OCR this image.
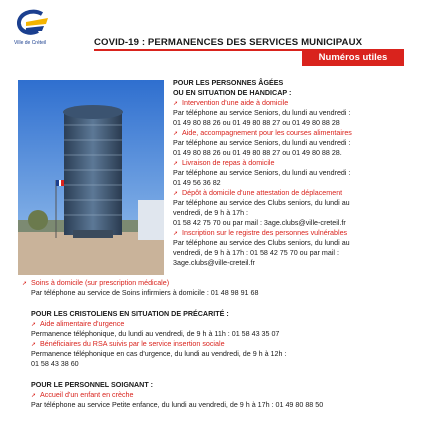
Ville de Créteil	COVID-19 : PERMANENCES DES SERVICES MUNICIPAUX
Numéros utiles
POUR LES PERSONNES ÂGÉES
OU EN SITUATION DE HANDICAP :
➚ Intervention d'une aide à domicile
Par téléphone au service Seniors, du lundi au vendredi :
01 49 80 88 26 ou 01 49 80 88 27 ou 01 49 80 88 28
➚ Aide, accompagnement pour les courses alimentaires
Par téléphone au service Seniors, du lundi au vendredi :
01 49 80 88 26 ou 01 49 80 88 27 ou 01 49 80 88 28.
➚ Livraison de repas à domicile
Par téléphone au service Seniors, du lundi au vendredi :
01 49 56 36 82
➚ Dépôt à domicile d'une attestation de déplacement
Par téléphone au service des Clubs seniors, du lundi au
vendredi, de 9 h à 17h :
01 58 42 75 70 ou par mail : 3age.clubs@ville-creteil.fr
➚ Inscription sur le registre des personnes vulnérables
Par téléphone au service des Clubs seniors, du lundi au
vendredi, de 9 h à 17h : 01 58 42 75 70 ou par mail :
3age.clubs@ville-creteil.fr
➚ Soins à domicile (sur prescription médicale)
Par téléphone au service de Soins infirmiers à domicile : 01 48 98 91 68
POUR LES CRISTOLIENS EN SITUATION DE PRÉCARITÉ :
➚ Aide alimentaire d'urgence
Permanence téléphonique, du lundi au vendredi, de 9 h à 11h : 01 58 43 35 07
➚ Bénéficiaires du RSA suivis par le service insertion sociale
Permanence téléphonique en cas d'urgence, du lundi au vendredi, de 9 h à 12h :
01 58 43 38 60
POUR LE PERSONNEL SOIGNANT :
➚ Accueil d'un enfant en crèche
Par téléphone au service Petite enfance, du lundi au vendredi, de 9 h à 17h : 01 49 80 88 50
